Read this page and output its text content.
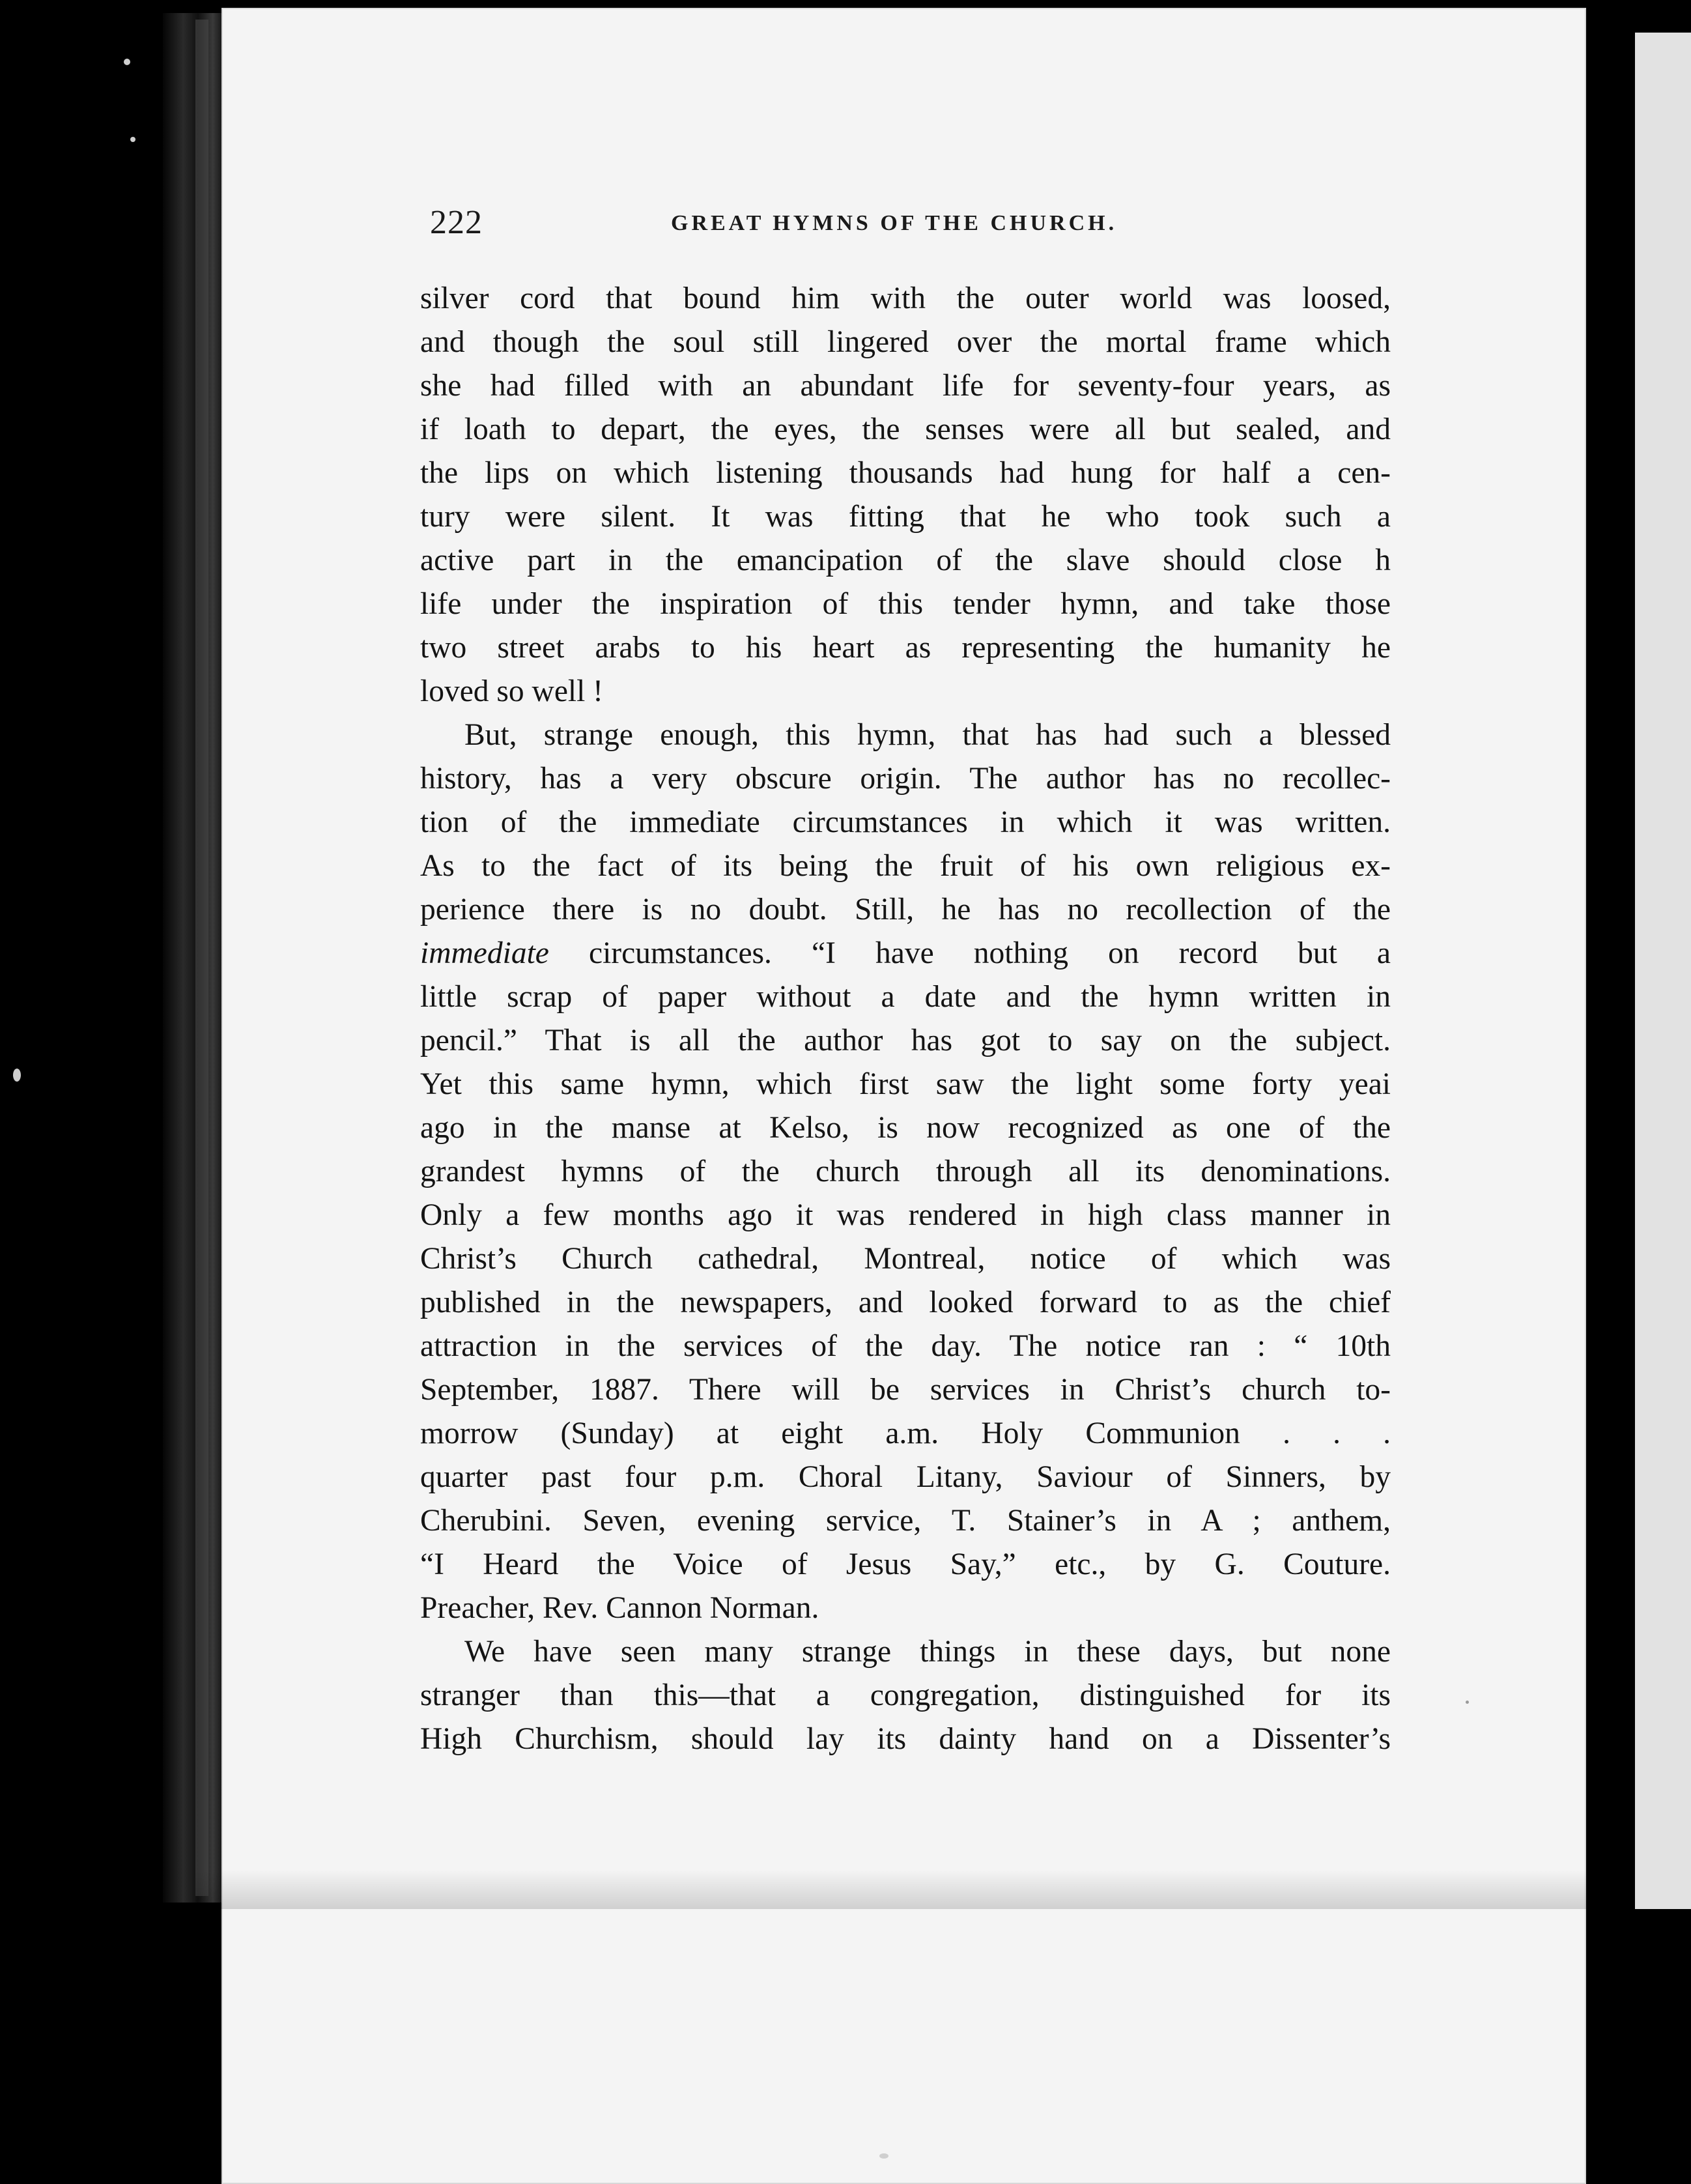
222	GREAT HYMNS OF THE CHURCH.
silver cord that bound him with the outer world was loosed,
and though the soul still lingered over the mortal frame which
she had filled with an abundant life for seventy-four years, as
if loath to depart, the eyes, the senses were all but sealed, and
the lips on which listening thousands had hung for half a cen-
tury were silent. It was fitting that he who took such a
active part in the emancipation of the slave should close h
life under the inspiration of this tender hymn, and take those
two street arabs to his heart as representing the humanity he
loved so well !
But, strange enough, this hymn, that has had such a blessed
history, has a very obscure origin. The author has no recollec-
tion of the immediate circumstances in which it was written.
As to the fact of its being the fruit of his own religious ex-
perience there is no doubt. Still, he has no recollection of the
immediate circumstances. “I have nothing on record but a
little scrap of paper without a date and the hymn written in
pencil.” That is all the author has got to say on the subject.
Yet this same hymn, which first saw the light some forty yeai
ago in the manse at Kelso, is now recognized as one of the
grandest hymns of the church through all its denominations.
Only a few months ago it was rendered in high class manner in
Christ’s Church cathedral, Montreal, notice of which was
published in the newspapers, and looked forward to as the chief
attraction in the services of the day. The notice ran : “ 10th
September, 1887. There will be services in Christ’s church to-
morrow (Sunday) at eight a.m. Holy Communion . . .
quarter past four p.m. Choral Litany, Saviour of Sinners, by
Cherubini. Seven, evening service, T. Stainer’s in A ; anthem,
“I Heard the Voice of Jesus Say,” etc., by G. Couture.
Preacher, Rev. Cannon Norman.
We have seen many strange things in these days, but none
stranger than this—that a congregation, distinguished for its
High Churchism, should lay its dainty hand on a Dissenter’s
